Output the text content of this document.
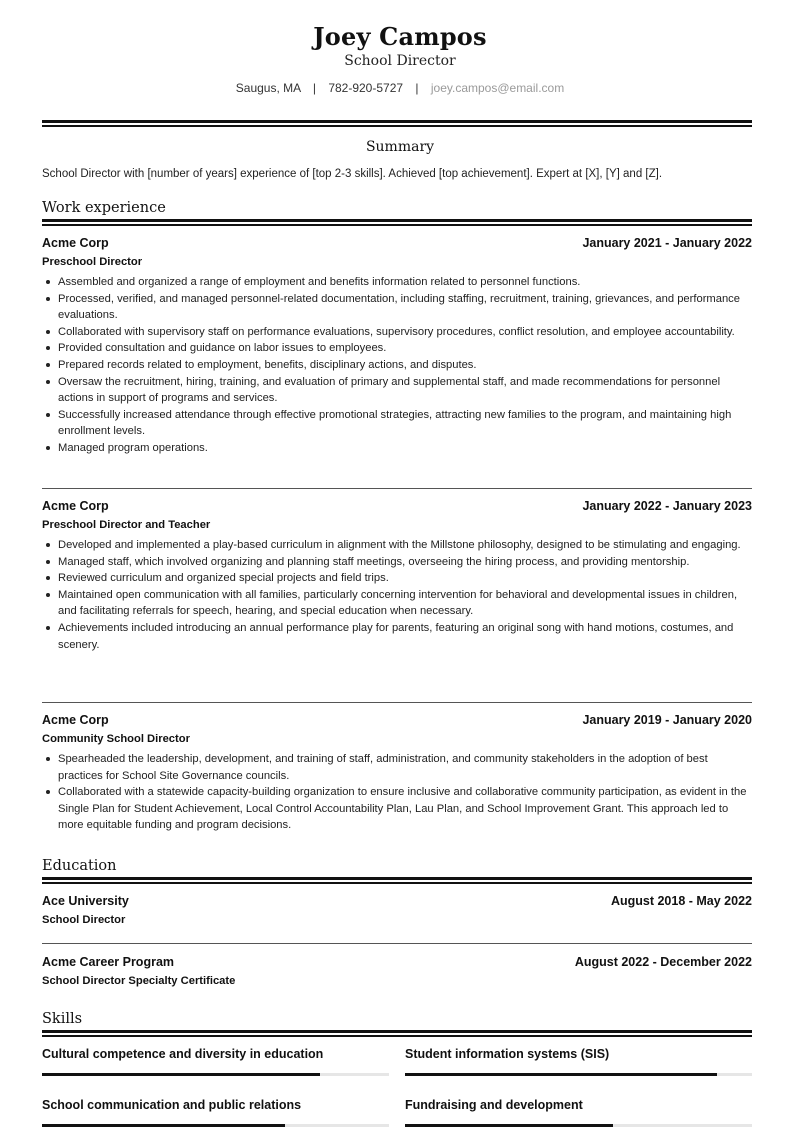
Joey Campos
School Director
Saugus, MA | 782-920-5727 | joey.campos@email.com
Summary
School Director with [number of years] experience of [top 2-3 skills]. Achieved [top achievement]. Expert at [X], [Y] and [Z].
Work experience
Acme Corp	January 2021 - January 2022
Preschool Director
Assembled and organized a range of employment and benefits information related to personnel functions.
Processed, verified, and managed personnel-related documentation, including staffing, recruitment, training, grievances, and performance evaluations.
Collaborated with supervisory staff on performance evaluations, supervisory procedures, conflict resolution, and employee accountability.
Provided consultation and guidance on labor issues to employees.
Prepared records related to employment, benefits, disciplinary actions, and disputes.
Oversaw the recruitment, hiring, training, and evaluation of primary and supplemental staff, and made recommendations for personnel actions in support of programs and services.
Successfully increased attendance through effective promotional strategies, attracting new families to the program, and maintaining high enrollment levels.
Managed program operations.
Acme Corp	January 2022 - January 2023
Preschool Director and Teacher
Developed and implemented a play-based curriculum in alignment with the Millstone philosophy, designed to be stimulating and engaging.
Managed staff, which involved organizing and planning staff meetings, overseeing the hiring process, and providing mentorship.
Reviewed curriculum and organized special projects and field trips.
Maintained open communication with all families, particularly concerning intervention for behavioral and developmental issues in children, and facilitating referrals for speech, hearing, and special education when necessary.
Achievements included introducing an annual performance play for parents, featuring an original song with hand motions, costumes, and scenery.
Acme Corp	January 2019 - January 2020
Community School Director
Spearheaded the leadership, development, and training of staff, administration, and community stakeholders in the adoption of best practices for School Site Governance councils.
Collaborated with a statewide capacity-building organization to ensure inclusive and collaborative community participation, as evident in the Single Plan for Student Achievement, Local Control Accountability Plan, Lau Plan, and School Improvement Grant. This approach led to more equitable funding and program decisions.
Education
Ace University	August 2018 - May 2022
School Director
Acme Career Program	August 2022 - December 2022
School Director Specialty Certificate
Skills
Cultural competence and diversity in education	Student information systems (SIS)
School communication and public relations	Fundraising and development
